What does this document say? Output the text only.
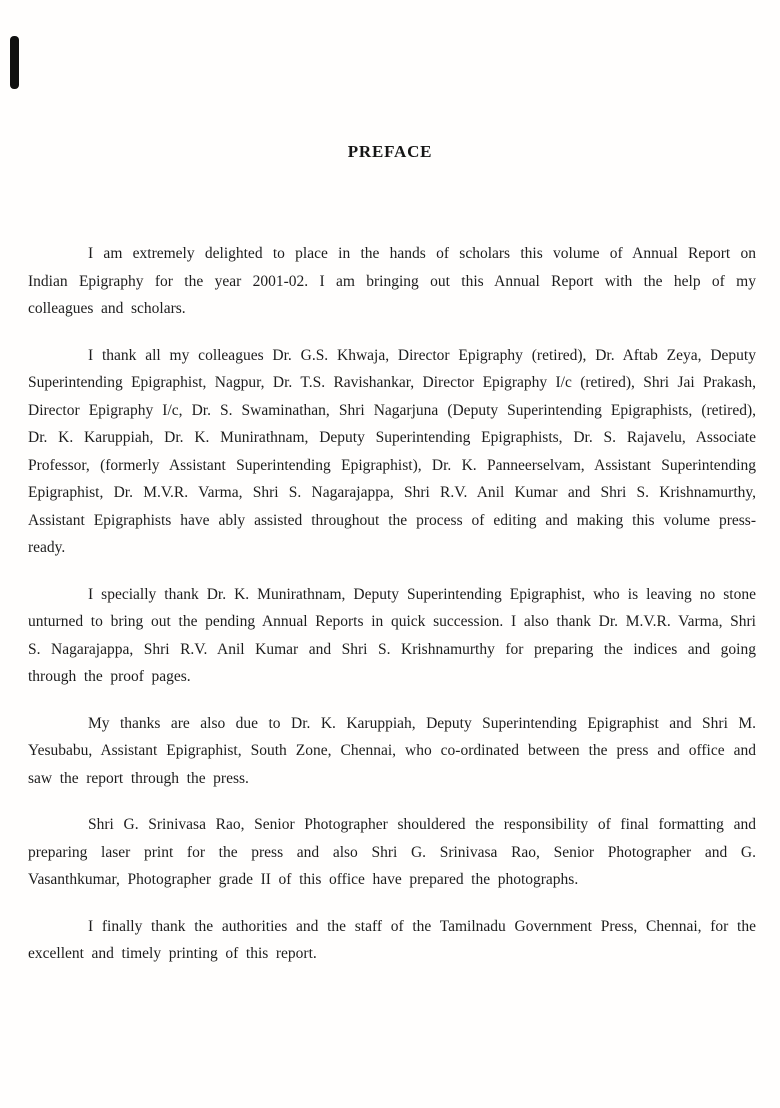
PREFACE

I am extremely delighted to place in the hands of scholars this volume of Annual Report on Indian Epigraphy for the year 2001-02. I am bringing out this Annual Report with the help of my colleagues and scholars.

I thank all my colleagues Dr. G.S. Khwaja, Director Epigraphy (retired), Dr. Aftab Zeya, Deputy Superintending Epigraphist, Nagpur, Dr. T.S. Ravishankar, Director Epigraphy I/c (retired), Shri Jai Prakash, Director Epigraphy I/c, Dr. S. Swaminathan, Shri Nagarjuna (Deputy Superintending Epigraphists, (retired), Dr. K. Karuppiah, Dr. K. Munirathnam, Deputy Superintending Epigraphists, Dr. S. Rajavelu, Associate Professor, (formerly Assistant Superintending Epigraphist), Dr. K. Panneerselvam, Assistant Superintending Epigraphist, Dr. M.V.R. Varma, Shri S. Nagarajappa, Shri R.V. Anil Kumar and Shri S. Krishnamurthy, Assistant Epigraphists have ably assisted throughout the process of editing and making this volume press-ready.

I specially thank Dr. K. Munirathnam, Deputy Superintending Epigraphist, who is leaving no stone unturned to bring out the pending Annual Reports in quick succession. I also thank Dr. M.V.R. Varma, Shri S. Nagarajappa, Shri R.V. Anil Kumar and Shri S. Krishnamurthy for preparing the indices and going through the proof pages.

My thanks are also due to Dr. K. Karuppiah, Deputy Superintending Epigraphist and Shri M. Yesubabu, Assistant Epigraphist, South Zone, Chennai, who co-ordinated between the press and office and saw the report through the press.

Shri G. Srinivasa Rao, Senior Photographer shouldered the responsibility of final formatting and preparing laser print for the press and also Shri G. Srinivasa Rao, Senior Photographer and G. Vasanthkumar, Photographer grade II of this office have prepared the photographs.

I finally thank the authorities and the staff of the Tamilnadu Government Press, Chennai, for the excellent and timely printing of this report.
